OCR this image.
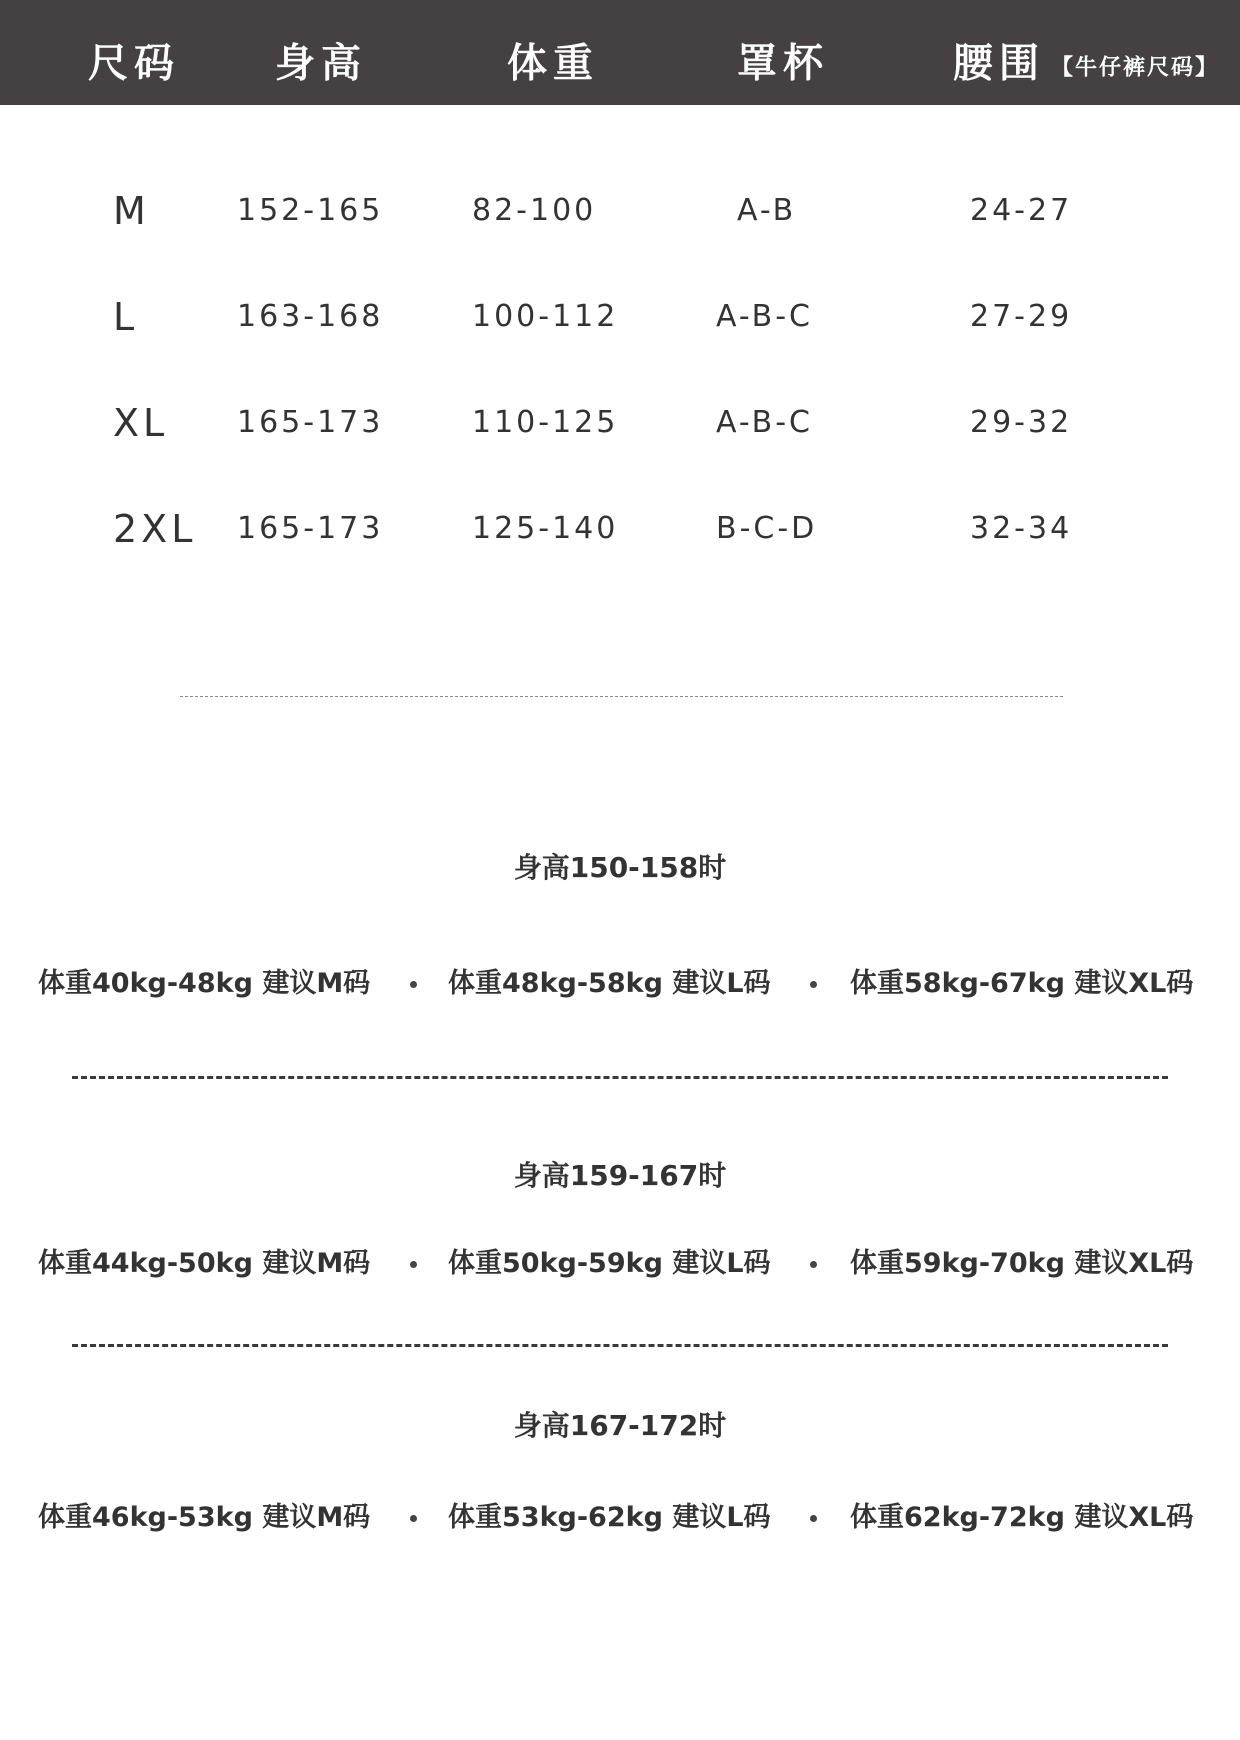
尺码 身高	体重	罩杯	腰围 【牛仔裤尺码】
M	152-165	82-100	A-B	24-27
L	163-168	100-112	A-B-C	27-29
XL 165-173	110-125	A-B-C	29-32
2XL 165-173	125-140	B-C-D	32-34
身高150-158时
体重40kg-48kg 建议M码	体重48kg-58kg 建议L码	体重58kg-67kg 建议XL码
身高159-167时
体重44kg-50kg 建议M码	体重50kg-59kg 建议L码	体重59kg-70kg 建议XL码
身高167-172时
体重46kg-53kg 建议M码	体重53kg-62kg 建议L码	体重62kg-72kg 建议XL码
